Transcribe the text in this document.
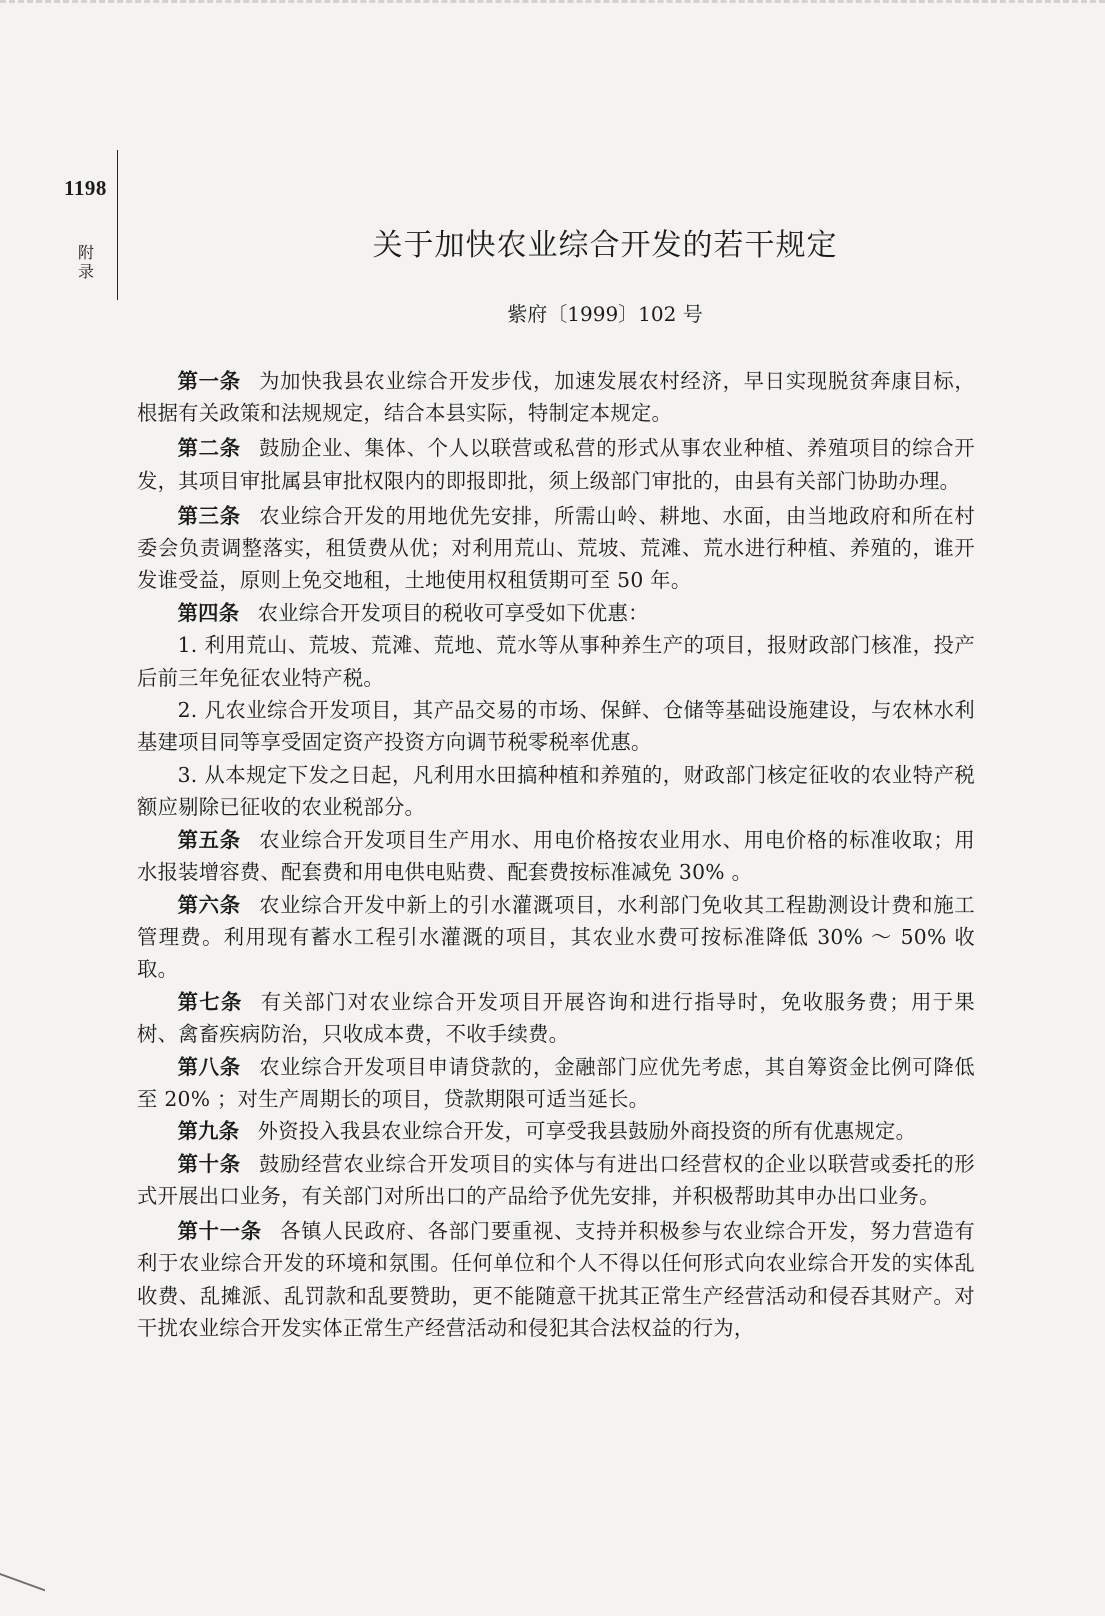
1198
附录
关于加快农业综合开发的若干规定
紫府〔1999〕102 号

第一条 为加快我县农业综合开发步伐，加速发展农村经济，早日实现脱贫奔康目标，根据有关政策和法规规定，结合本县实际，特制定本规定。

第二条 鼓励企业、集体、个人以联营或私营的形式从事农业种植、养殖项目的综合开发，其项目审批属县审批权限内的即报即批，须上级部门审批的，由县有关部门协助办理。

第三条 农业综合开发的用地优先安排，所需山岭、耕地、水面，由当地政府和所在村委会负责调整落实，租赁费从优；对利用荒山、荒坡、荒滩、荒水进行种植、养殖的，谁开发谁受益，原则上免交地租，土地使用权租赁期可至 50 年。

第四条 农业综合开发项目的税收可享受如下优惠：

1. 利用荒山、荒坡、荒滩、荒地、荒水等从事种养生产的项目，报财政部门核准，投产后前三年免征农业特产税。

2. 凡农业综合开发项目，其产品交易的市场、保鲜、仓储等基础设施建设，与农林水利基建项目同等享受固定资产投资方向调节税零税率优惠。

3. 从本规定下发之日起，凡利用水田搞种植和养殖的，财政部门核定征收的农业特产税额应剔除已征收的农业税部分。

第五条 农业综合开发项目生产用水、用电价格按农业用水、用电价格的标准收取；用水报装增容费、配套费和用电供电贴费、配套费按标准减免 30% 。

第六条 农业综合开发中新上的引水灌溉项目，水利部门免收其工程勘测设计费和施工管理费。利用现有蓄水工程引水灌溉的项目，其农业水费可按标准降低 30% ～ 50% 收取。

第七条 有关部门对农业综合开发项目开展咨询和进行指导时，免收服务费；用于果树、禽畜疾病防治，只收成本费，不收手续费。

第八条 农业综合开发项目申请贷款的，金融部门应优先考虑，其自筹资金比例可降低至 20% ；对生产周期长的项目，贷款期限可适当延长。

第九条 外资投入我县农业综合开发，可享受我县鼓励外商投资的所有优惠规定。

第十条 鼓励经营农业综合开发项目的实体与有进出口经营权的企业以联营或委托的形式开展出口业务，有关部门对所出口的产品给予优先安排，并积极帮助其申办出口业务。

第十一条 各镇人民政府、各部门要重视、支持并积极参与农业综合开发，努力营造有利于农业综合开发的环境和氛围。任何单位和个人不得以任何形式向农业综合开发的实体乱收费、乱摊派、乱罚款和乱要赞助，更不能随意干扰其正常生产经营活动和侵吞其财产。对干扰农业综合开发实体正常生产经营活动和侵犯其合法权益的行为，
